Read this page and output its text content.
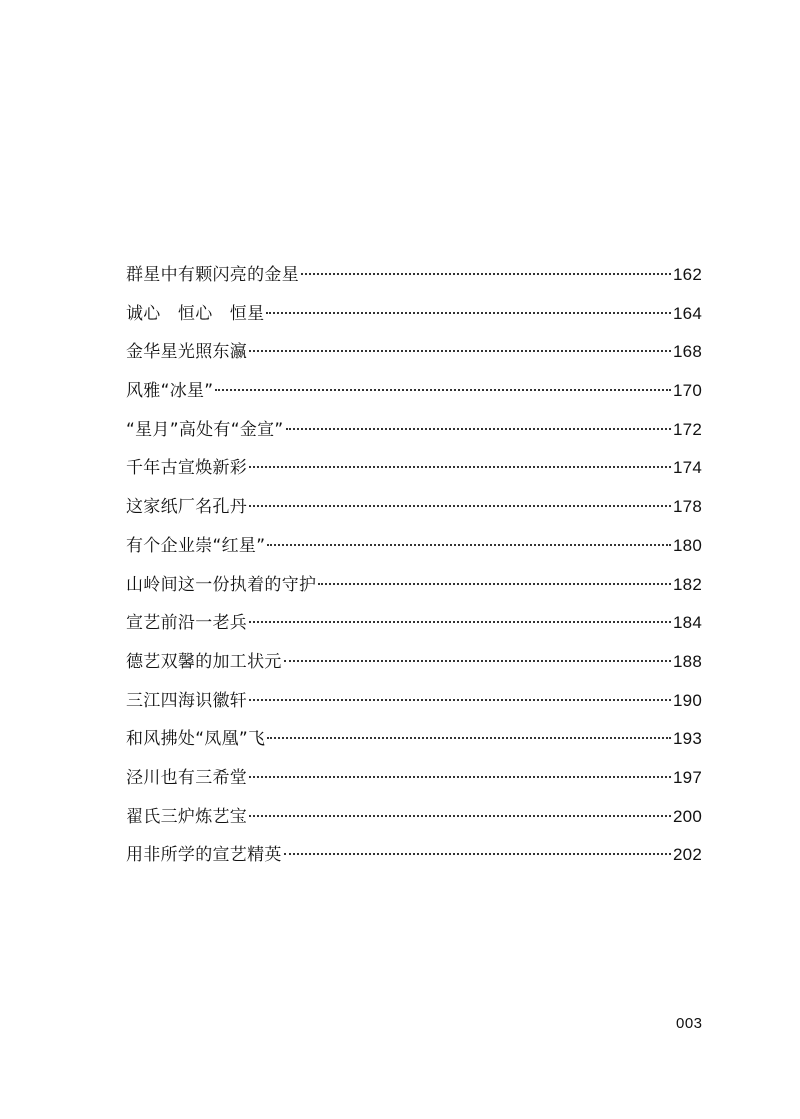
群星中有颗闪亮的金星	162
诚心　恒心　恒星	164
金华星光照东瀛	168
风雅“冰星”	170
“星月”高处有“金宣”	172
千年古宣焕新彩	174
这家纸厂名孔丹	178
有个企业崇“红星”	180
山岭间这一份执着的守护	182
宣艺前沿一老兵	184
德艺双馨的加工状元	188
三江四海识徽轩	190
和风拂处“凤凰”飞	193
泾川也有三希堂	197
翟氏三炉炼艺宝	200
用非所学的宣艺精英	202
003
